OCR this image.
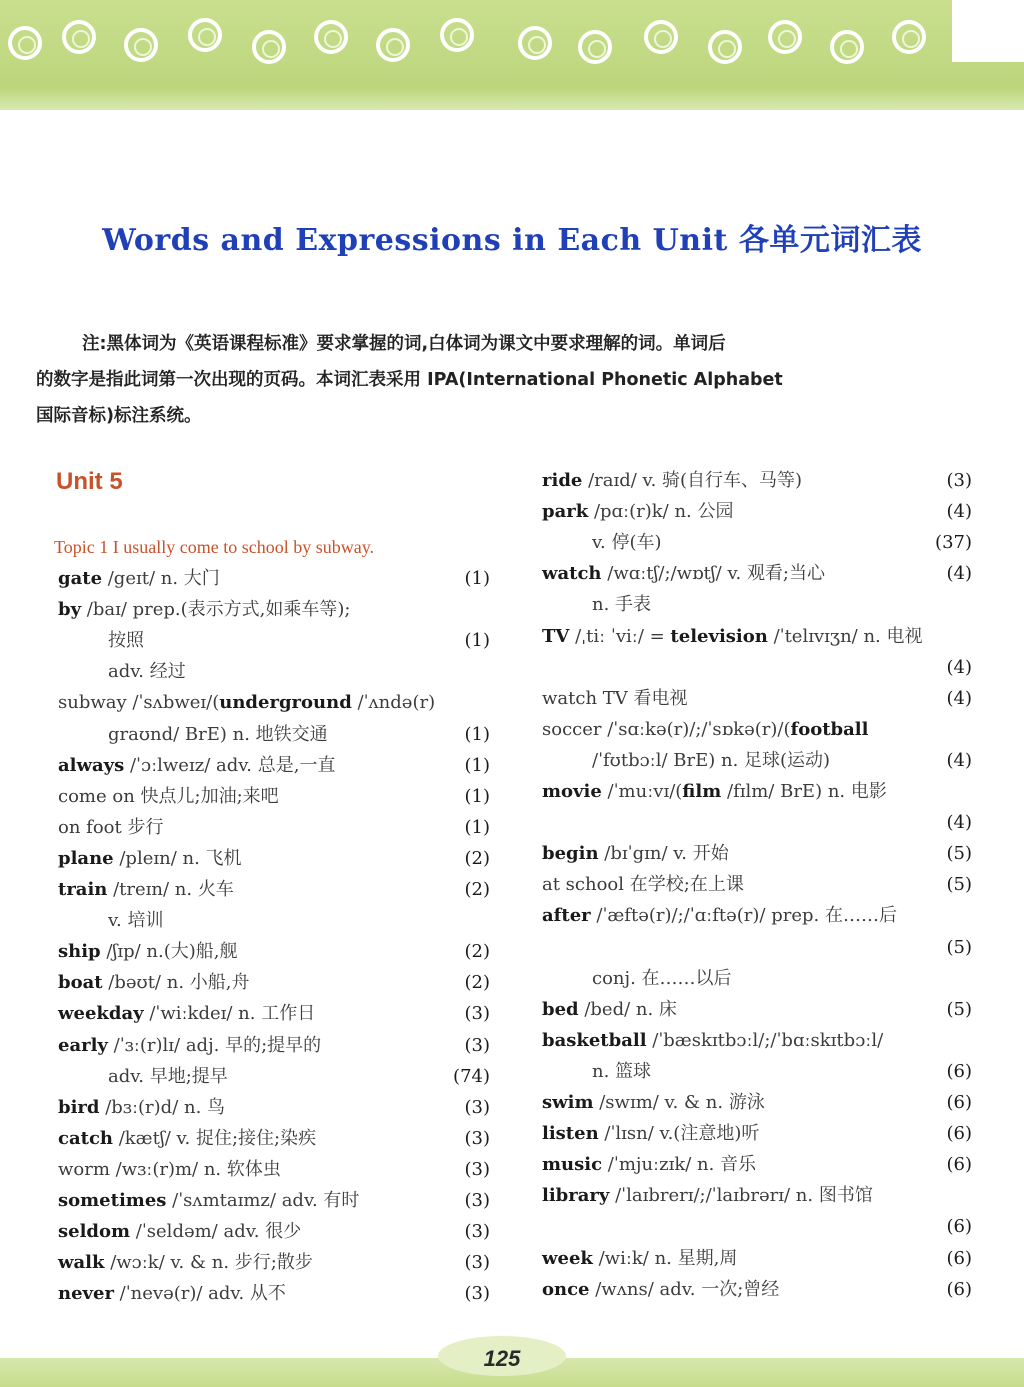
Words and Expressions in Each Unit 各单元词汇表

注:黑体词为《英语课程标准》要求掌握的词,白体词为课文中要求理解的词。单词后

的数字是指此词第一次出现的页码。本词汇表采用 IPA(International Phonetic Alphabet

国际音标)标注系统。

Unit 5
Topic 1 I usually come to school by subway.
gate /geɪt/ n. 大门	(1)
by /baɪ/ prep.(表示方式,如乘车等);
按照	(1)
adv. 经过
subway /ˈsʌbweɪ/(underground /ˈʌndə(r)
graʊnd/ BrE) n. 地铁交通	(1)
always /ˈɔːlweɪz/ adv. 总是,一直	(1)
come on 快点儿;加油;来吧	(1)
on foot 步行	(1)
plane /pleɪn/ n. 飞机	(2)
train /treɪn/ n. 火车	(2)
v. 培训
ship /ʃɪp/ n.(大)船,舰	(2)
boat /bəʊt/ n. 小船,舟	(2)
weekday /ˈwiːkdeɪ/ n. 工作日	(3)
early /ˈɜː(r)lɪ/ adj. 早的;提早的	(3)
adv. 早地;提早	(74)
bird /bɜː(r)d/ n. 鸟	(3)
catch /kætʃ/ v. 捉住;接住;染疾	(3)
worm /wɜː(r)m/ n. 软体虫	(3)
sometimes /ˈsʌmtaɪmz/ adv. 有时	(3)
seldom /ˈseldəm/ adv. 很少	(3)
walk /wɔːk/ v. & n. 步行;散步	(3)
never /ˈnevə(r)/ adv. 从不	(3)
ride /raɪd/ v. 骑(自行车、马等)	(3)
park /pɑː(r)k/ n. 公园	(4)
v. 停(车)	(37)
watch /wɑːtʃ/;/wɒtʃ/ v. 观看;当心	(4)
n. 手表
TV /ˌtiː ˈviː/ = television /ˈtelɪvɪʒn/ n. 电视
(4)
watch TV 看电视	(4)
soccer /ˈsɑːkə(r)/;/ˈsɒkə(r)/(football
/ˈfʊtbɔːl/ BrE) n. 足球(运动)	(4)
movie /ˈmuːvɪ/(film /fɪlm/ BrE) n. 电影
(4)
begin /bɪˈgɪn/ v. 开始	(5)
at school 在学校;在上课	(5)
after /ˈæftə(r)/;/ˈɑːftə(r)/ prep. 在……后
(5)
conj. 在……以后
bed /bed/ n. 床	(5)
basketball /ˈbæskɪtbɔːl/;/ˈbɑːskɪtbɔːl/
n. 篮球	(6)
swim /swɪm/ v. & n. 游泳	(6)
listen /ˈlɪsn/ v.(注意地)听	(6)
music /ˈmjuːzɪk/ n. 音乐	(6)
library /ˈlaɪbrerɪ/;/ˈlaɪbrərɪ/ n. 图书馆
(6)
week /wiːk/ n. 星期,周	(6)
once /wʌns/ adv. 一次;曾经	(6)
125
